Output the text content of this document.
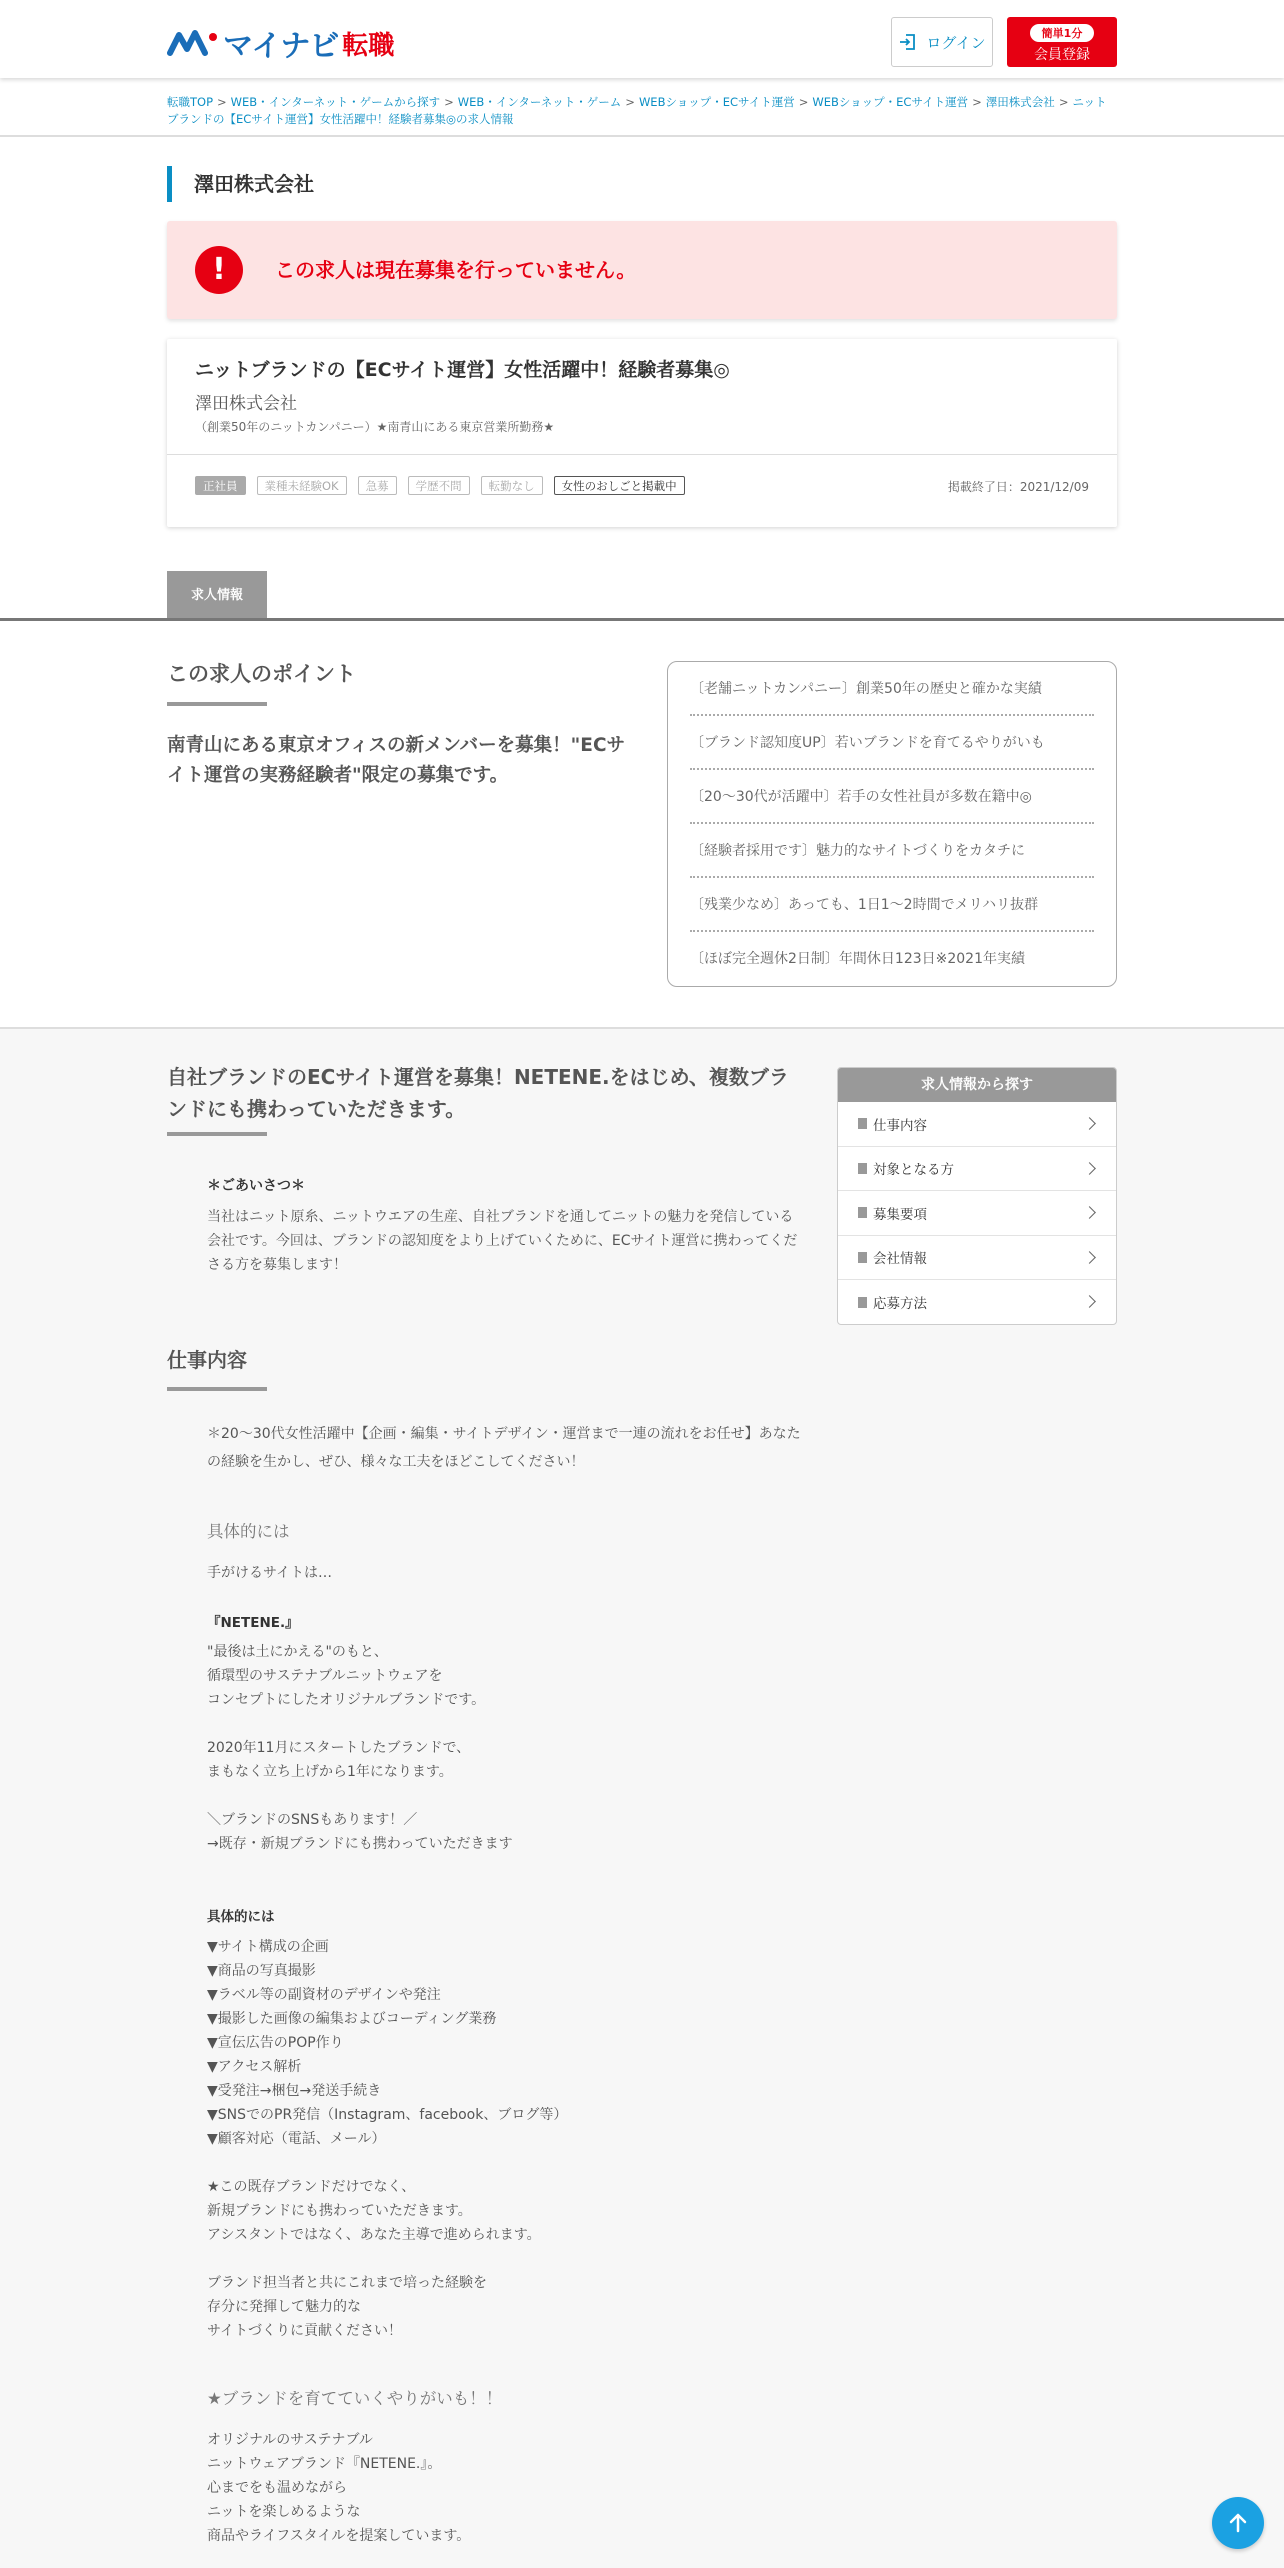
マイナビ 転職	ログイン	簡単1分
会員登録
転職TOP > WEB・インターネット・ゲームから探す > WEB・インターネット・ゲーム > WEBショップ・ECサイト運営 > WEBショップ・ECサイト運営 > 澤田株式会社 > ニットブランドの【ECサイト運営】女性活躍中！経験者募集◎の求人情報
澤田株式会社
!	この求人は現在募集を行っていません。
ニットブランドの【ECサイト運営】女性活躍中！経験者募集◎
澤田株式会社
（創業50年のニットカンパニー）★南青山にある東京営業所勤務★
正社員	業種未経験OK	急募	学歴不問	転勤なし	女性のおしごと掲載中	掲載終了日：2021/12/09
求人情報
この求人のポイント
南青山にある東京オフィスの新メンバーを募集！"ECサイト運営の実務経験者"限定の募集です。
〔老舗ニットカンパニー〕創業50年の歴史と確かな実績
〔ブランド認知度UP〕若いブランドを育てるやりがいも
〔20～30代が活躍中〕若手の女性社員が多数在籍中◎
〔経験者採用です〕魅力的なサイトづくりをカタチに
〔残業少なめ〕あっても、1日1～2時間でメリハリ抜群
〔ほぼ完全週休2日制〕年間休日123日※2021年実績
自社ブランドのECサイト運営を募集！NETENE.をはじめ、複数ブランドにも携わっていただきます。
＊ごあいさつ＊
当社はニット原糸、ニットウエアの生産、自社ブランドを通してニットの魅力を発信している会社です。今回は、ブランドの認知度をより上げていくために、ECサイト運営に携わってくださる方を募集します！
求人情報から探す
仕事内容
対象となる方
募集要項
会社情報
応募方法
仕事内容
＊20～30代女性活躍中【企画・編集・サイトデザイン・運営まで一連の流れをお任せ】あなたの経験を生かし、ぜひ、様々な工夫をほどこしてください！
具体的には
手がけるサイトは…
『NETENE.』
"最後は土にかえる"のもと、
循環型のサステナブルニットウェアを
コンセプトにしたオリジナルブランドです。

2020年11月にスタートしたブランドで、
まもなく立ち上げから1年になります。

＼ブランドのSNSもあります！／
→既存・新規ブランドにも携わっていただきます
具体的には
▼サイト構成の企画
▼商品の写真撮影
▼ラベル等の副資材のデザインや発注
▼撮影した画像の編集およびコーディング業務
▼宣伝広告のPOP作り
▼アクセス解析
▼受発注→梱包→発送手続き
▼SNSでのPR発信（Instagram、facebook、ブログ等）
▼顧客対応（電話、メール）

★この既存ブランドだけでなく、
新規ブランドにも携わっていただきます。
アシスタントではなく、あなた主導で進められます。

ブランド担当者と共にこれまで培った経験を
存分に発揮して魅力的な
サイトづくりに貢献ください！
★ブランドを育てていくやりがいも！！
オリジナルのサステナブル
ニットウェアブランド『NETENE.』。
心までをも温めながら
ニットを楽しめるような
商品やライフスタイルを提案しています。
